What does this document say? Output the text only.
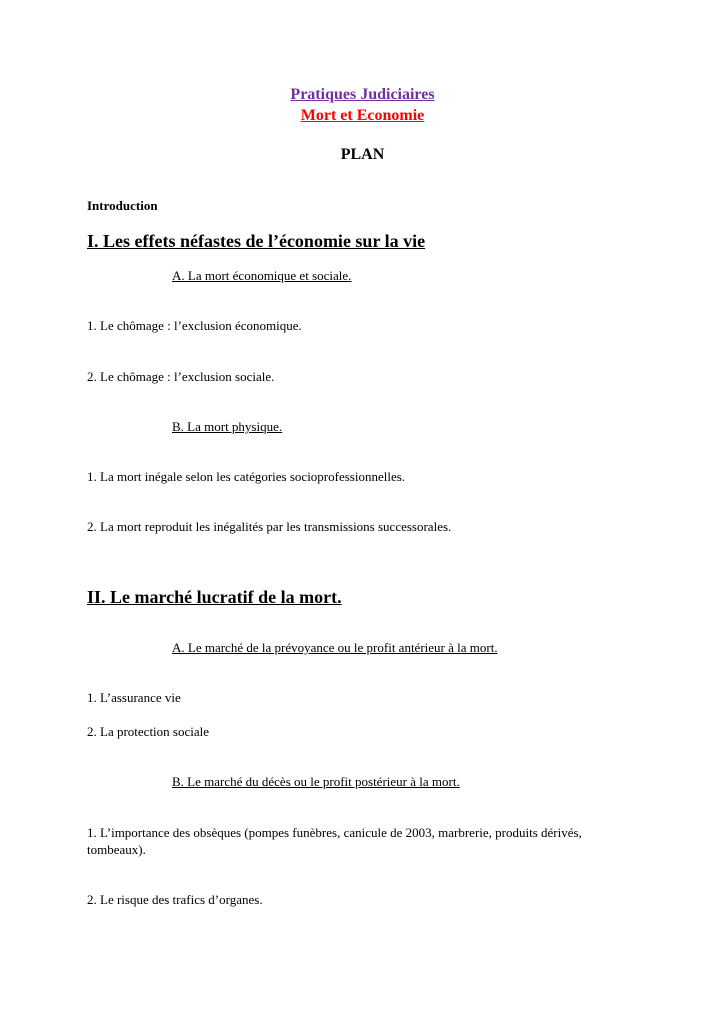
Pratiques Judiciaires
Mort et Economie
PLAN
Introduction
I. Les effets néfastes de l’économie sur la vie
A. La mort économique et sociale.
1. Le chômage : l’exclusion économique.
2. Le chômage : l’exclusion sociale.
B. La mort physique.
1. La mort inégale selon les catégories socioprofessionnelles.
2. La mort reproduit les inégalités par les transmissions successorales.
II. Le marché lucratif de la mort.
A. Le marché de la prévoyance ou le profit antérieur à la mort.
1. L’assurance vie
2. La protection sociale
B. Le marché du décès ou le profit postérieur à la mort.
1. L’importance des obsèques (pompes funèbres, canicule de 2003, marbrerie, produits dérivés, tombeaux).
2. Le risque des trafics d’organes.
